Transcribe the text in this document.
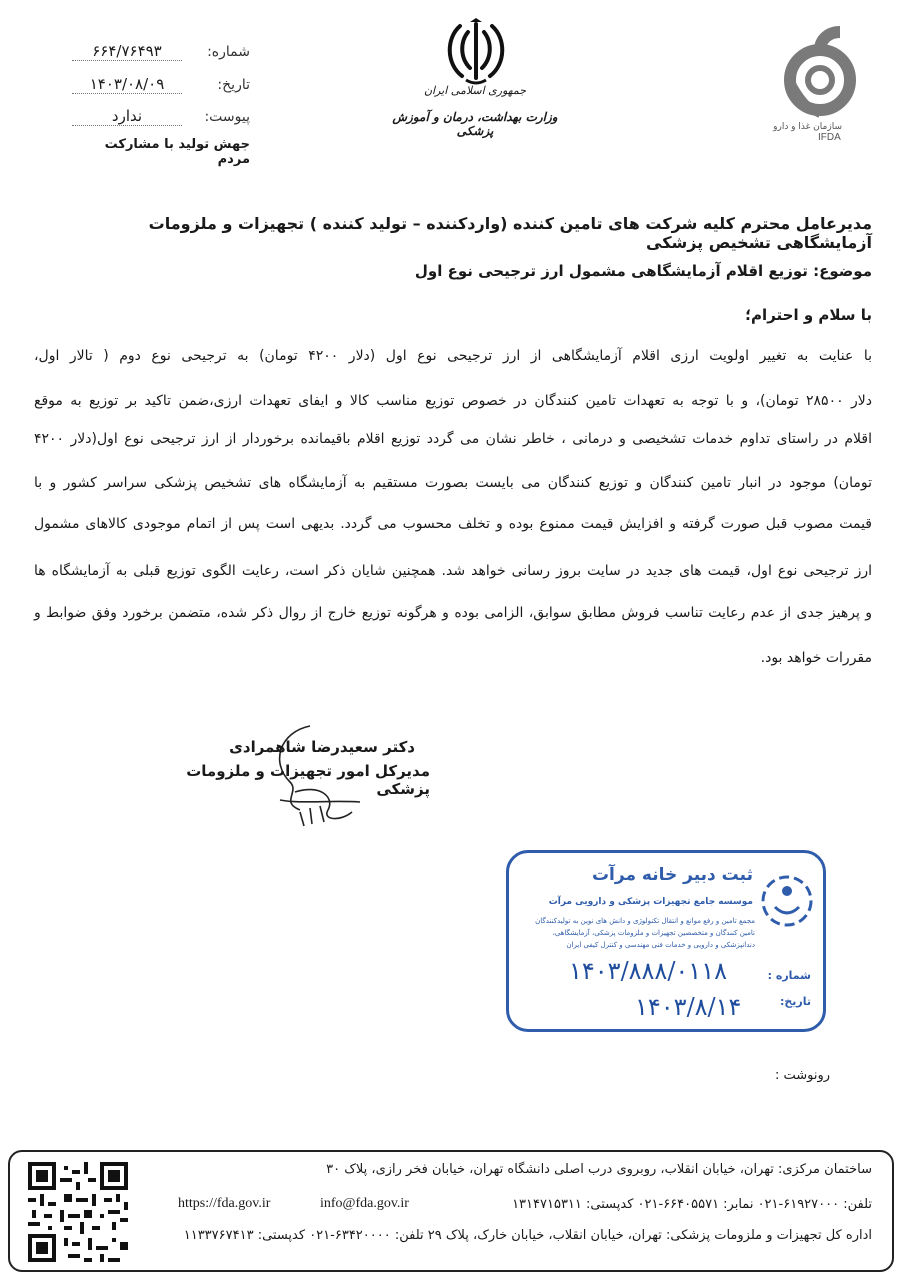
شماره:
۶۶۴/۷۶۴۹۳
تاریخ:
۱۴۰۳/۰۸/۰۹
پیوست:
ندارد
جهش تولید با مشارکت مردم
جمهوری اسلامی ایران
وزارت بهداشت، درمان و آموزش پزشکی	سازمان غذا و دارو
IFDA
مدیرعامل محترم کلیه شرکت های تامین کننده (واردکننده – تولید کننده ) تجهیزات و ملزومات آزمایشگاهی تشخیص پزشکی
موضوع: توزیع اقلام آزمایشگاهی مشمول ارز ترجیحی نوع اول
با سلام و احترام؛
با عنایت به تغییر اولویت ارزی اقلام آزمایشگاهی از ارز ترجیحی نوع اول (دلار ۴۲۰۰ تومان) به ترجیحی نوع دوم ( تالار اول،
دلار ۲۸۵۰۰ تومان)، و با توجه به تعهدات تامین کنندگان در خصوص توزیع مناسب کالا و ایفای تعهدات ارزی،ضمن تاکید بر توزیع به موقع
اقلام در راستای تداوم خدمات تشخیصی و درمانی ، خاطر نشان می گردد توزیع اقلام باقیمانده برخوردار از ارز ترجیحی نوع اول(دلار ۴۲۰۰
تومان) موجود در انبار تامین کنندگان و توزیع کنندگان می بایست بصورت مستقیم به آزمایشگاه های تشخیص پزشکی سراسر کشور و با
قیمت مصوب قبل صورت گرفته و افزایش قیمت ممنوع بوده و تخلف محسوب می گردد. بدیهی است پس از اتمام موجودی کالاهای مشمول
ارز ترجیحی نوع اول، قیمت های جدید در سایت بروز رسانی خواهد شد. همچنین شایان ذکر است، رعایت الگوی توزیع قبلی به آزمایشگاه ها
و پرهیز جدی از عدم رعایت تناسب فروش مطابق سوابق، الزامی بوده و هرگونه توزیع خارج از روال ذکر شده، متضمن برخورد وفق ضوابط و
مقررات خواهد بود.
دکتر سعیدرضا شاهمرادی
مدیرکل امور تجهیزات و ملزومات پزشکی
ثبت دبیر خانه مرآت
موسسه جامع تجهیزات پزشکی و دارویی مرآت
مجمع تامین و رفع موانع و انتقال تکنولوژی و دانش های نوین به تولیدکنندگان
تامین کنندگان و متخصصین تجهیزات و ملزومات پزشکی، آزمایشگاهی،
دندانپزشکی و دارویی و خدمات فنی مهندسی و کنترل کیفی ایران
شماره :
تاریخ:
۱۴۰۳/۸۸۸/۰۱۱۸
۱۴۰۳/۸/۱۴
رونوشت :
ساختمان مرکزی: تهران، خیابان انقلاب، روبروی درب اصلی دانشگاه تهران، خیابان فخر رازی، پلاک ۳۰
تلفن: ۶۱۹۲۷۰۰۰-۰۲۱ نمابر: ۶۶۴۰۵۵۷۱-۰۲۱ کدپستی: ۱۳۱۴۷۱۵۳۱۱
info@fda.gov.ir
https://fda.gov.ir
اداره کل تجهیزات و ملزومات پزشکی: تهران، خیابان انقلاب، خیابان خارک، پلاک ۲۹ تلفن: ۶۳۴۲۰۰۰۰-۰۲۱ کدپستی: ۱۱۳۳۷۶۷۴۱۳
